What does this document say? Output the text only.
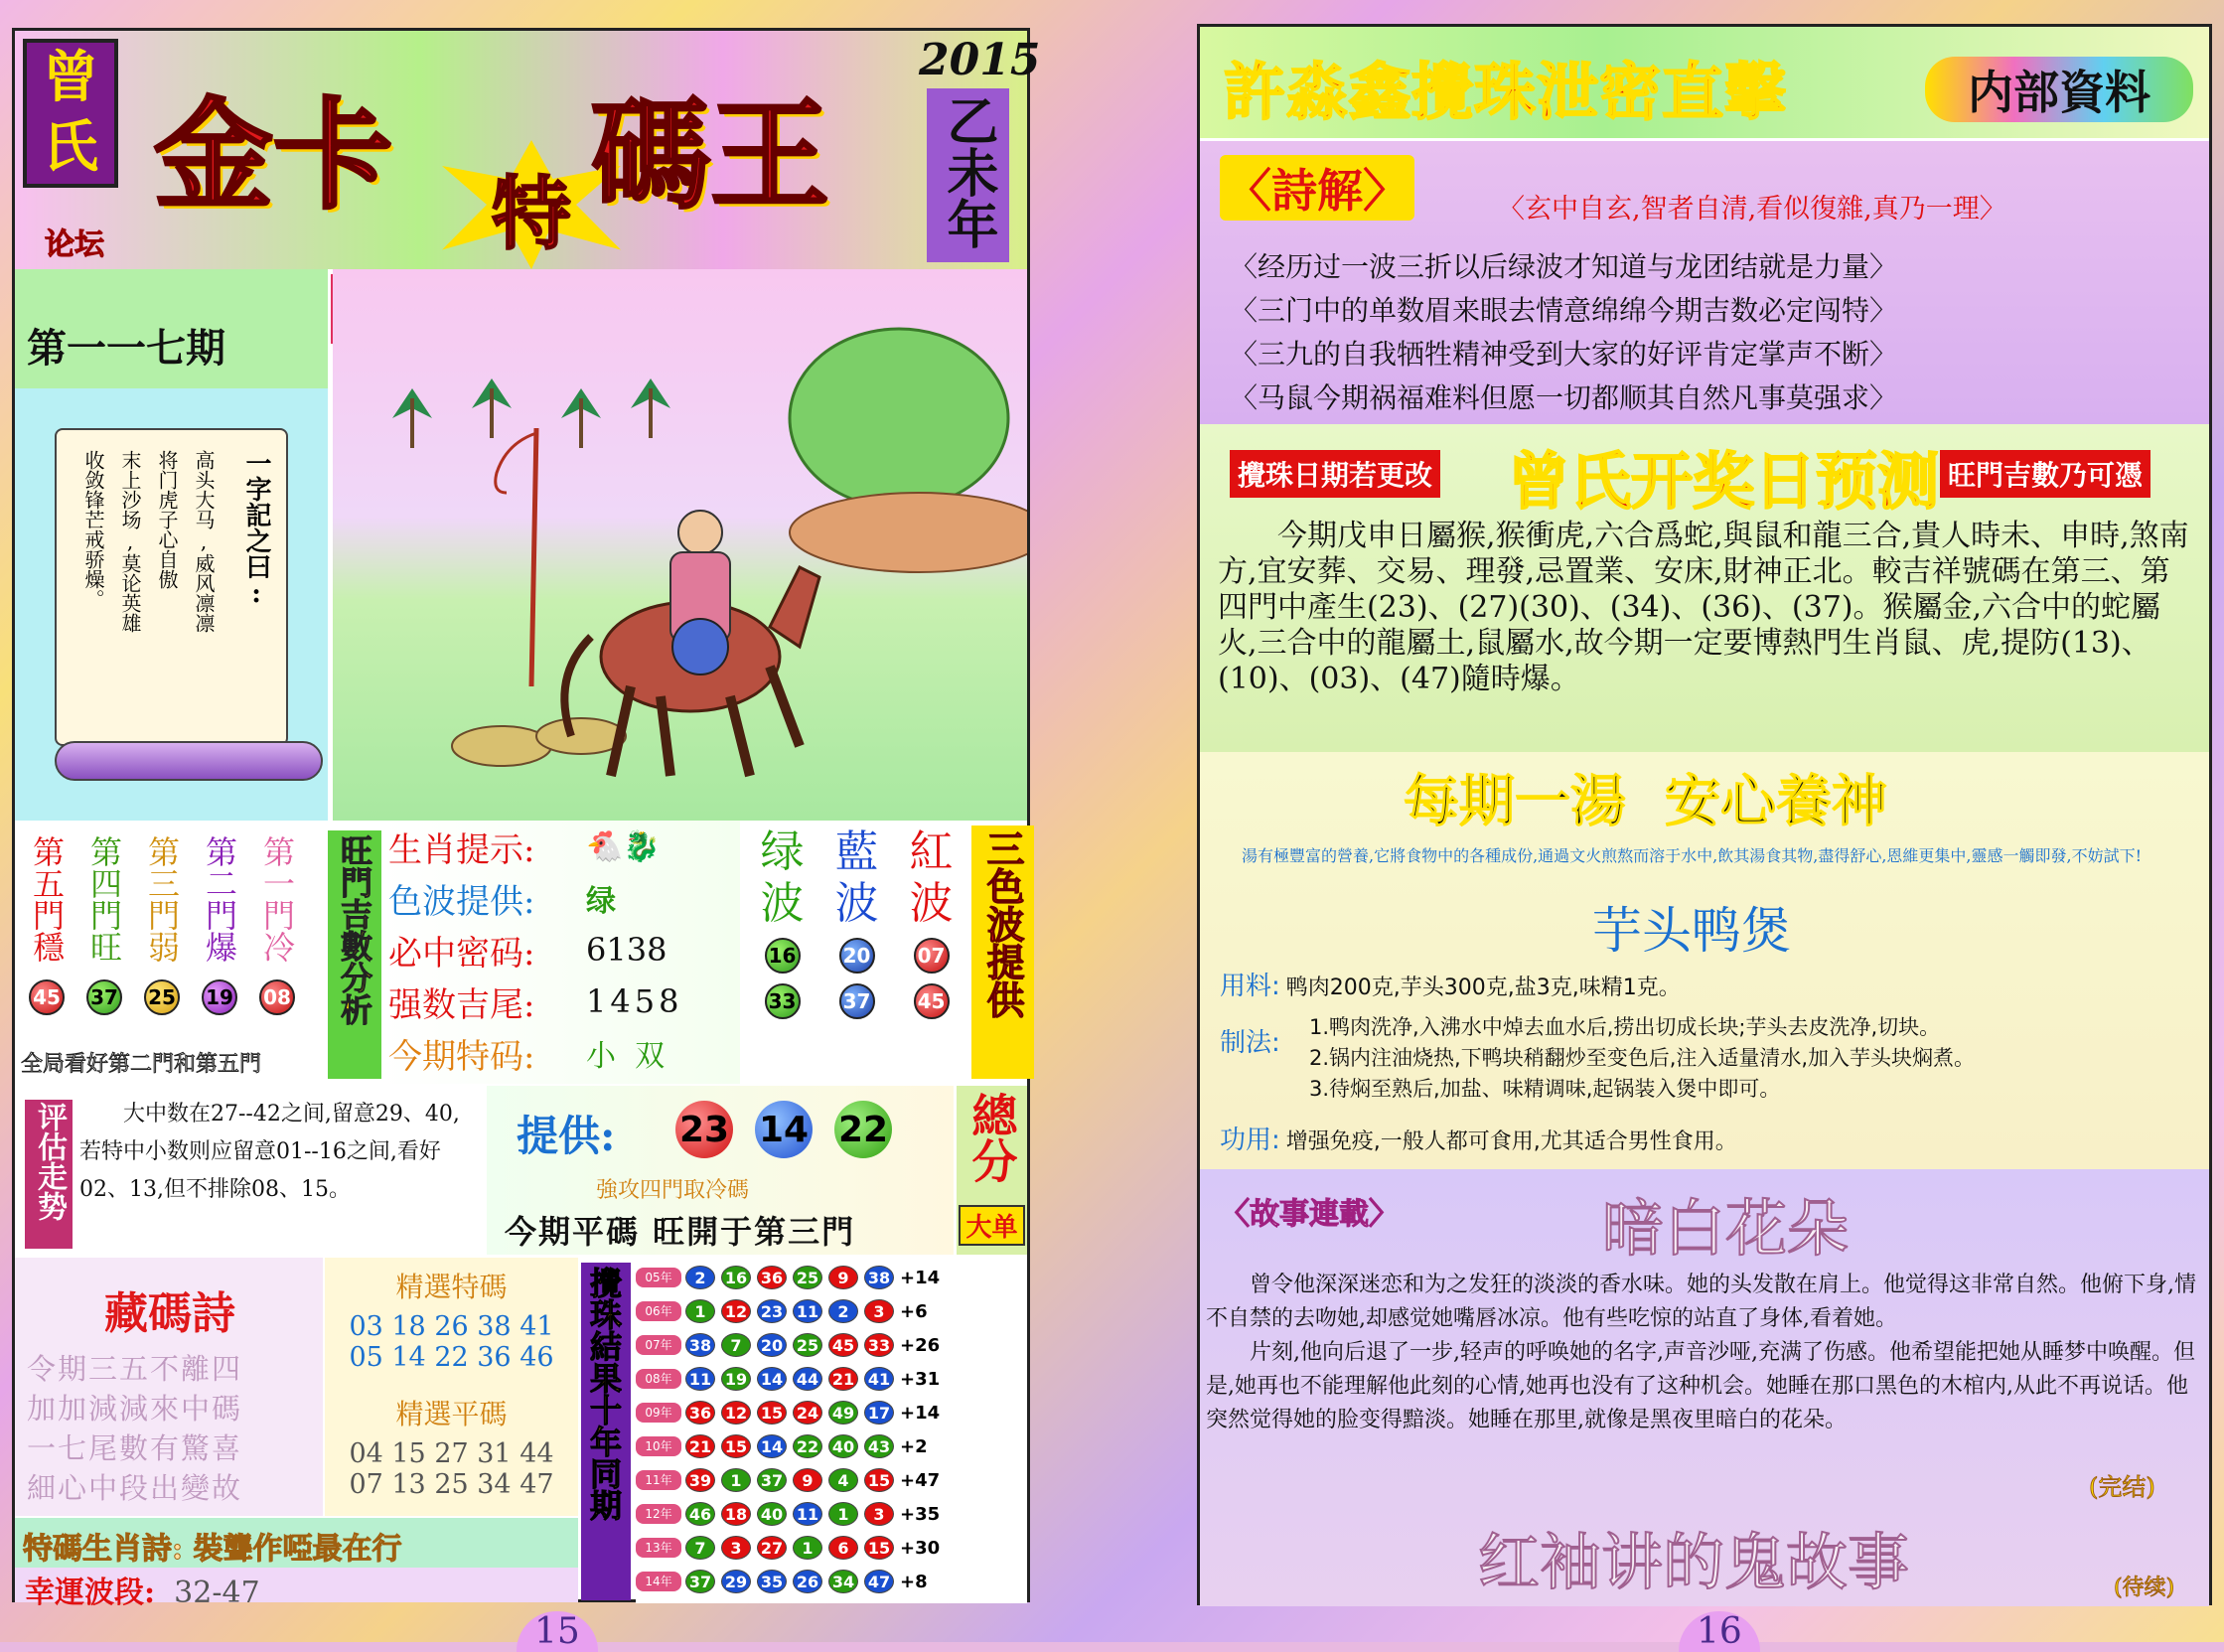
曾
氏
论坛
金卡 特 碼王
2015
乙未年
第一一七期
一字記之曰:
高头大马,威风凛凛
将门虎子心自傲
末上沙场,莫论英雄
收敛锋芒戒骄燥。
第五門穩
45
第四門旺
37
第三門弱
25
第二門爆
19
第一門冷
08	旺門吉數分析
全局看好第二門和第五門
生肖提示:	🐔🐉
色波提供:	绿
必中密码:	6138
强数吉尾:	1458
今期特码:	小  双
绿
波
藍
波
紅
波
16 20 07
33 37 45 三色波提供
评估走势	大中数在27--42之间,留意29、40,若特中小数则应留意01--16之间,看好02、13,但不排除08、15。
提供: 23 14 22
強攻四門取冷碼
今期平碼 旺開于第三門
總分
大单
藏碼詩
令期三五不離四
加加減減來中碼
一七尾數有驚喜
細心中段出變故
精選特碼
03 18 26 38 41
05 14 22 36 46
精選平碼
04 15 27 31 44
07 13 25 34 47
特碼生肖詩: 裝聾作啞最在行
幸運波段: 32-47
攪珠結果十年同期	05年	2	16 36 25	9	38 +14
06年	1	12 23 11	2	3 +6
07年	38	7	20 25 45 33 +26
08年	11 19 14 44 21 41 +31
09年	36 12 15 24 49 17 +14
10年	21 15 14 22 40 43 +2
11年	39	1	37	9	4	15 +47
12年	46 18 40 11	1	3 +35
13年	7	3	27	1	6	15 +30
14年	37 29 35 26 34 47 +8
15
許淼鑫攪珠泄密直擊	内部資料
〈詩解〉	〈玄中自玄,智者自清,看似復雜,真乃一理〉
〈经历过一波三折以后绿波才知道与龙团结就是力量〉
〈三门中的单数眉来眼去情意绵绵今期吉数必定闯特〉
〈三九的自我牺牲精神受到大家的好评肯定掌声不断〉
〈马鼠今期祸福难料但愿一切都顺其自然凡事莫强求〉
攪珠日期若更改 曾氏开奖日预测 旺門吉數乃可憑
今期戊申日屬猴,猴衝虎,六合爲蛇,與鼠和龍三合,貴人時未、申時,煞南方,宜安葬、交易、理發,忌置業、安床,財神正北。較吉祥號碼在第三、第四門中產生(23)、(27)(30)、(34)、(36)、(37)。猴屬金,六合中的蛇屬火,三合中的龍屬土,鼠屬水,故今期一定要博熱門生肖鼠、虎,提防(13)、(10)、(03)、(47)隨時爆。
每期一湯  安心養神
湯有極豐富的營養,它將食物中的各種成份,通過文火煎熬而溶于水中,飲其湯食其物,盡得舒心,恩維更集中,靈感一觸即發,不妨試下!
芋头鸭煲
用料: 鸭肉200克,芋头300克,盐3克,味精1克。
制法:
1.鸭肉洗净,入沸水中焯去血水后,捞出切成长块;芋头去皮洗净,切块。
2.锅内注油烧热,下鸭块稍翻炒至变色后,注入适量清水,加入芋头块焖煮。
3.待焖至熟后,加盐、味精调味,起锅装入煲中即可。
功用: 增强免疫,一般人都可食用,尤其适合男性食用。
〈故事連載〉	暗白花朵

曾令他深深迷恋和为之发狂的淡淡的香水味。她的头发散在肩上。他觉得这非常自然。他俯下身,情不自禁的去吻她,却感觉她嘴唇冰凉。他有些吃惊的站直了身体,看着她。

片刻,他向后退了一步,轻声的呼唤她的名字,声音沙哑,充满了伤感。他希望能把她从睡梦中唤醒。但是,她再也不能理解他此刻的心情,她再也没有了这种机会。她睡在那口黑色的木棺内,从此不再说话。他突然觉得她的脸变得黯淡。她睡在那里,就像是黑夜里暗白的花朵。

(完结)
红袖讲的鬼故事	(待续)
16
